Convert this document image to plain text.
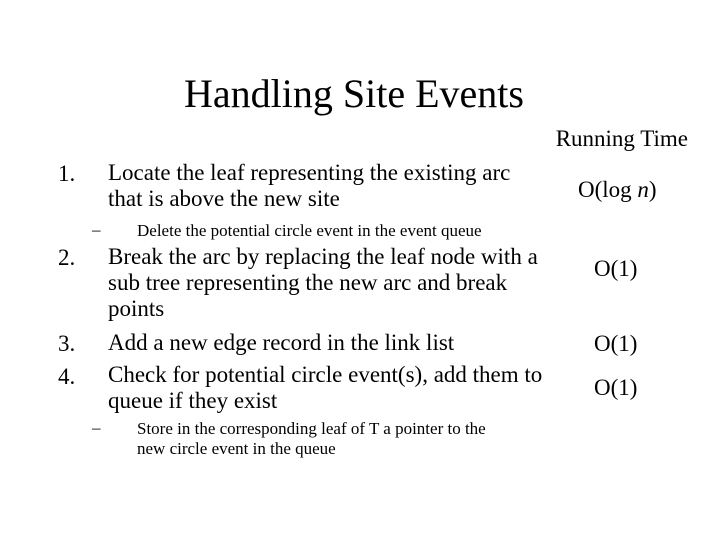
Handling Site Events
Running Time
1. Locate the leaf representing the existing arc
that is above the new site	O(log n)
– Delete the potential circle event in the event queue
2. Break the arc by replacing the leaf node with a
sub tree representing the new arc and break
points
O(1)
3. Add a new edge record in the link list	O(1)
4. Check for potential circle event(s), add them to
queue if they exist
O(1)
– Store in the corresponding leaf of T a pointer to the
new circle event in the queue
